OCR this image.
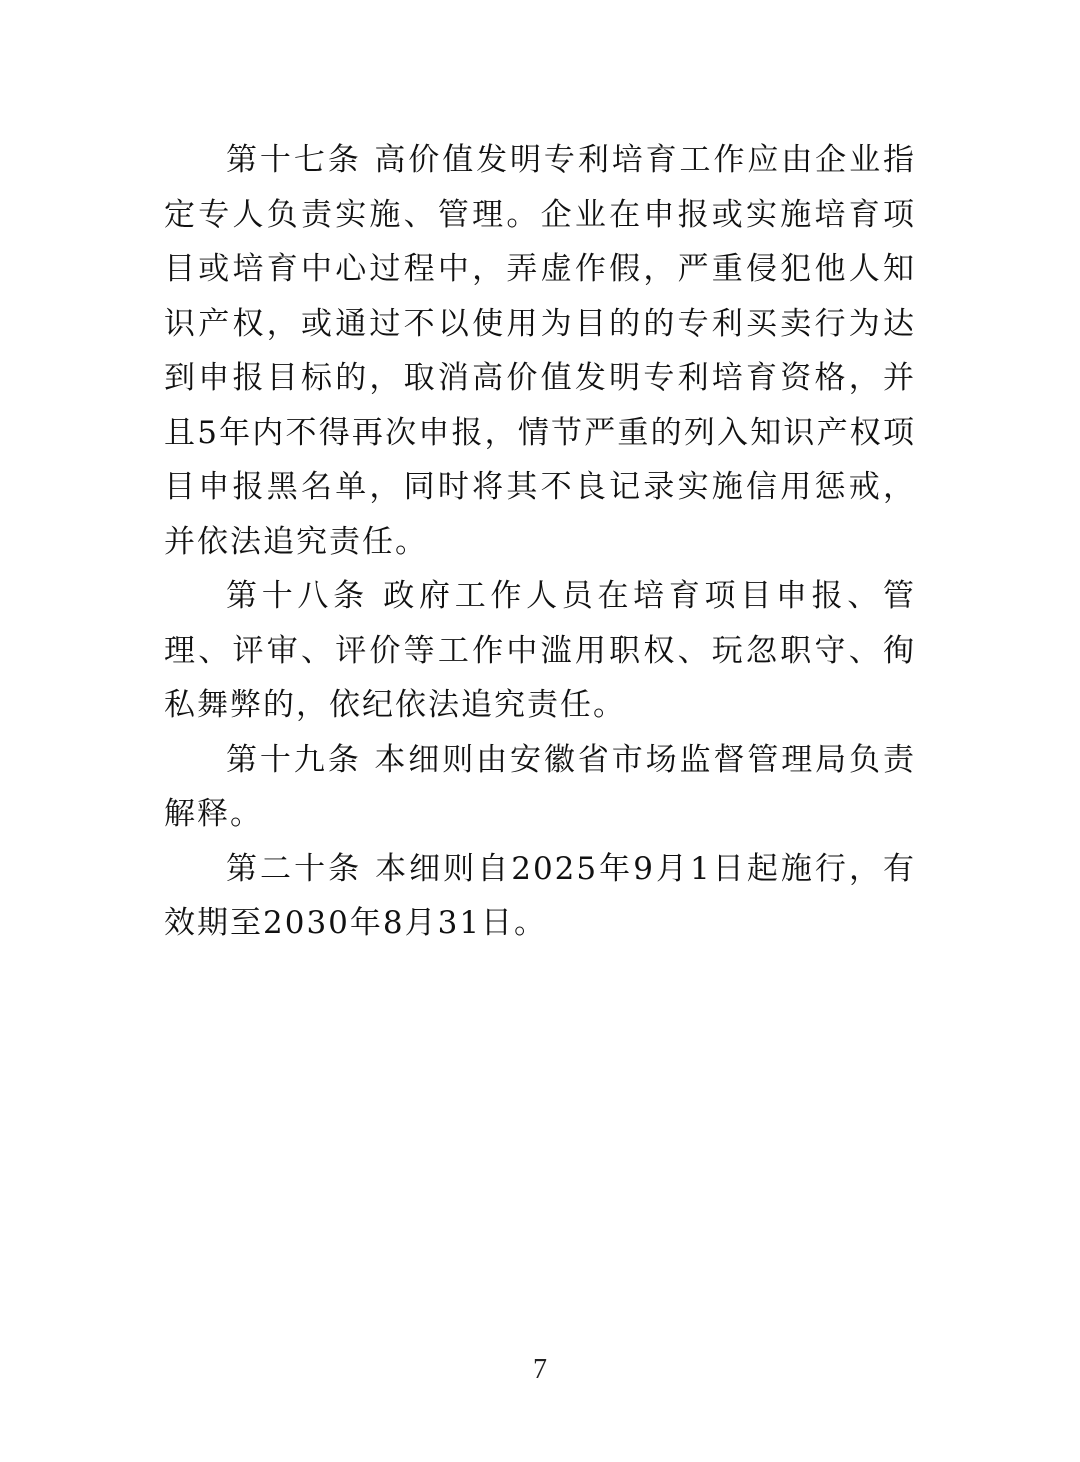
第十七条 高价值发明专利培育工作应由企业指定专人负责实施、管理。企业在申报或实施培育项目或培育中心过程中，弄虚作假，严重侵犯他人知识产权，或通过不以使用为目的的专利买卖行为达到申报目标的，取消高价值发明专利培育资格，并且5年内不得再次申报，情节严重的列入知识产权项目申报黑名单，同时将其不良记录实施信用惩戒，并依法追究责任。

第十八条 政府工作人员在培育项目申报、管理、评审、评价等工作中滥用职权、玩忽职守、徇私舞弊的，依纪依法追究责任。

第十九条 本细则由安徽省市场监督管理局负责解释。

第二十条 本细则自2025年9月1日起施行，有效期至2030年8月31日。

7
